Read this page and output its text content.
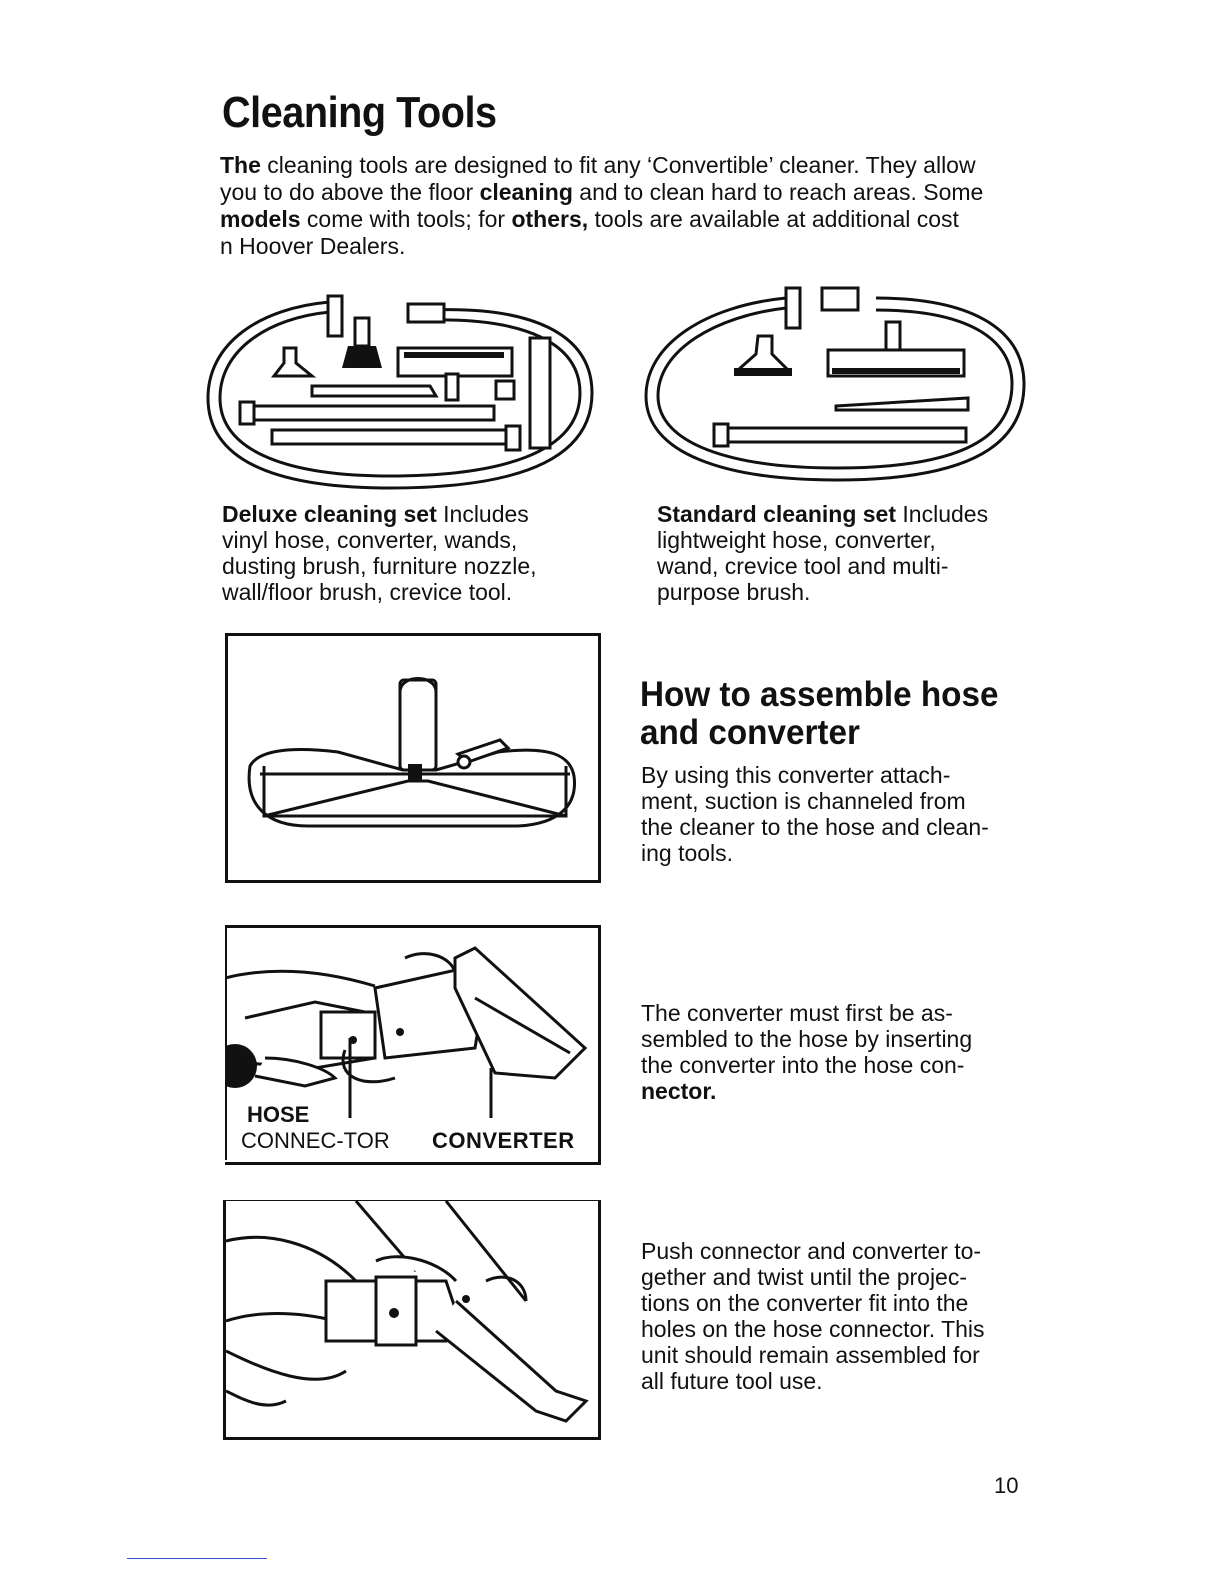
Cleaning Tools
The cleaning tools are designed to fit any ‘Convertible’ cleaner. They allow
you to do above the floor cleaning and to clean hard to reach areas. Some
models come with tools; for others, tools are available at additional cost
n Hoover Dealers.
Deluxe cleaning set Includes
vinyl hose, converter, wands,
dusting brush, furniture nozzle,
wall/floor brush, crevice tool.
Standard cleaning set Includes
lightweight hose, converter,
wand, crevice tool and multi-
purpose brush.
How to assemble hose
and converter
By using this converter attach-
ment, suction is channeled from
the cleaner to the hose and clean-
ing tools.
HOSE
CONNEC-TOR CONVERTER
The converter must first be as-
sembled to the hose by inserting
the converter into the hose con-
nector.
Push connector and converter to-
gether and twist until the projec-
tions on the converter fit into the
holes on the hose connector. This
unit should remain assembled for
all future tool use.
10
